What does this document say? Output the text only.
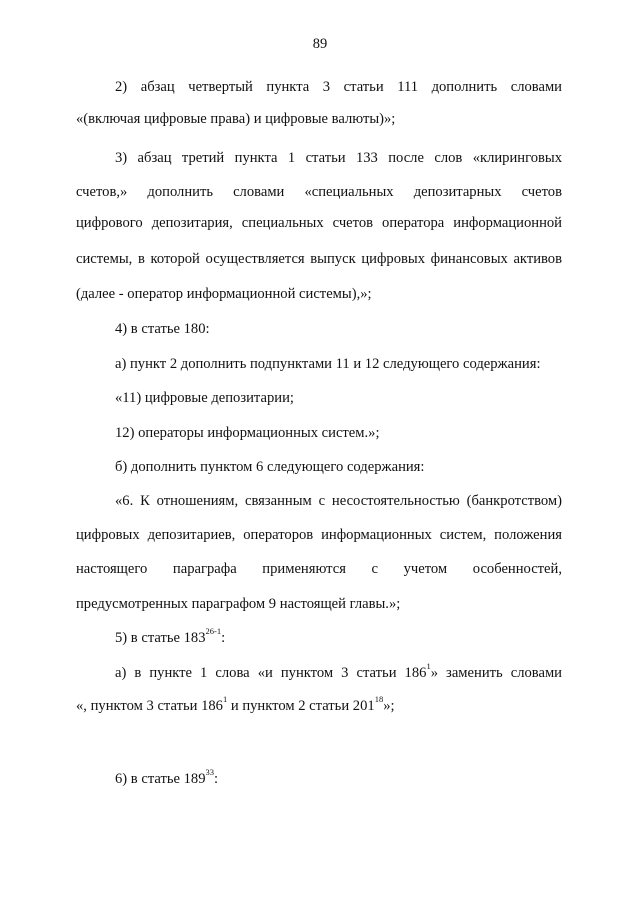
89
2) абзац четвертый пункта 3 статьи 111 дополнить словами
«(включая цифровые права) и цифровые валюты)»;
3) абзац третий пункта 1 статьи 133 после слов «клиринговых
счетов,» дополнить словами «специальных депозитарных счетов
цифрового депозитария, специальных счетов оператора информационной
системы, в которой осуществляется выпуск цифровых финансовых активов
(далее - оператор информационной системы),»;
4) в статье 180:
а) пункт 2 дополнить подпунктами 11 и 12 следующего содержания:
«11) цифровые депозитарии;
12) операторы информационных систем.»;
б) дополнить пунктом 6 следующего содержания:
«6. К отношениям, связанным с несостоятельностью (банкротством)
цифровых депозитариев, операторов информационных систем, положения
настоящего параграфа применяются с учетом особенностей,
предусмотренных параграфом 9 настоящей главы.»;
5) в статье 183$^{26-1}$:
а) в пункте 1 слова «и пунктом 3 статьи $186^1$» заменить словами
«, пунктом 3 статьи $186^1$ и пунктом 2 статьи $201^{18}$»;
6) в статье $189^{33}$:
